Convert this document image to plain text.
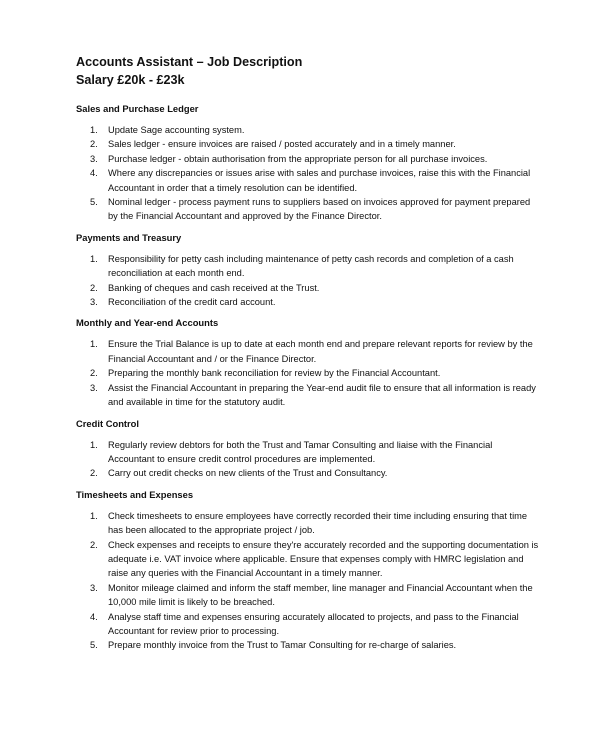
Accounts Assistant – Job Description
Salary £20k - £23k
Sales and Purchase Ledger
1. Update Sage accounting system.
2. Sales ledger - ensure invoices are raised / posted accurately and in a timely manner.
3. Purchase ledger - obtain authorisation from the appropriate person for all purchase invoices.
4. Where any discrepancies or issues arise with sales and purchase invoices, raise this with the Financial Accountant in order that a timely resolution can be identified.
5. Nominal ledger - process payment runs to suppliers based on invoices approved for payment prepared by the Financial Accountant and approved by the Finance Director.
Payments and Treasury
1. Responsibility for petty cash including maintenance of petty cash records and completion of a cash reconciliation at each month end.
2. Banking of cheques and cash received at the Trust.
3. Reconciliation of the credit card account.
Monthly and Year-end Accounts
1. Ensure the Trial Balance is up to date at each month end and prepare relevant reports for review by the Financial Accountant and / or the Finance Director.
2. Preparing the monthly bank reconciliation for review by the Financial Accountant.
3. Assist the Financial Accountant in preparing the Year-end audit file to ensure that all information is ready and available in time for the statutory audit.
Credit Control
1. Regularly review debtors for both the Trust and Tamar Consulting and liaise with the Financial Accountant to ensure credit control procedures are implemented.
2. Carry out credit checks on new clients of the Trust and Consultancy.
Timesheets and Expenses
1. Check timesheets to ensure employees have correctly recorded their time including ensuring that time has been allocated to the appropriate project / job.
2. Check expenses and receipts to ensure they're accurately recorded and the supporting documentation is adequate i.e. VAT invoice where applicable. Ensure that expenses comply with HMRC legislation and raise any queries with the Financial Accountant in a timely manner.
3. Monitor mileage claimed and inform the staff member, line manager and Financial Accountant when the 10,000 mile limit is likely to be breached.
4. Analyse staff time and expenses ensuring accurately allocated to projects, and pass to the Financial Accountant for review prior to processing.
5. Prepare monthly invoice from the Trust to Tamar Consulting for re-charge of salaries.
